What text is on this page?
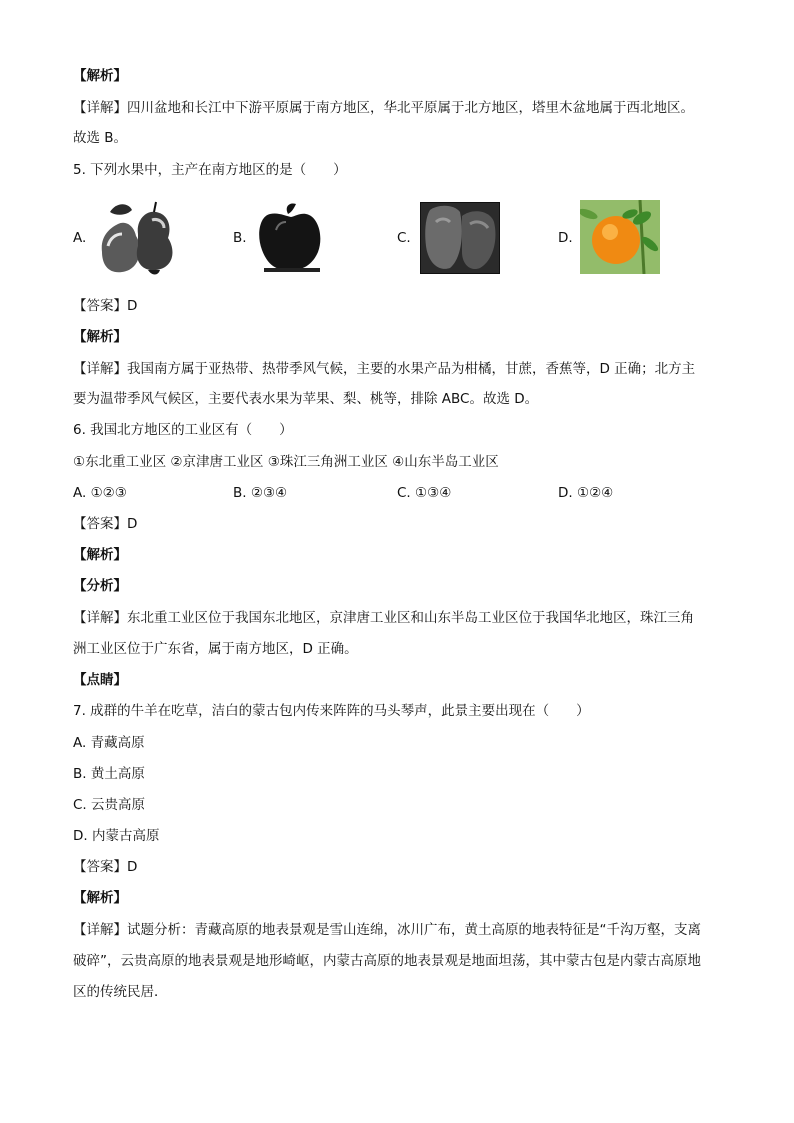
【解析】
【详解】四川盆地和长江中下游平原属于南方地区，华北平原属于北方地区，塔里木盆地属于西北地区。
故选 B。
5. 下列水果中，主产在南方地区的是（　　）
A.	B.	C.	D.
【答案】D
【解析】
【详解】我国南方属于亚热带、热带季风气候，主要的水果产品为柑橘，甘蔗，香蕉等，D 正确；北方主
要为温带季风气候区，主要代表水果为苹果、梨、桃等，排除 ABC。故选 D。
6. 我国北方地区的工业区有（　　）
①东北重工业区 ②京津唐工业区 ③珠江三角洲工业区 ④山东半岛工业区
A. ①②③	B. ②③④	C. ①③④	D. ①②④
【答案】D
【解析】
【分析】
【详解】东北重工业区位于我国东北地区，京津唐工业区和山东半岛工业区位于我国华北地区，珠江三角
洲工业区位于广东省，属于南方地区，D 正确。
【点睛】
7. 成群的牛羊在吃草，洁白的蒙古包内传来阵阵的马头琴声，此景主要出现在（　　）
A. 青藏高原
B. 黄土高原
C. 云贵高原
D. 内蒙古高原
【答案】D
【解析】
【详解】试题分析：青藏高原的地表景观是雪山连绵，冰川广布，黄土高原的地表特征是“千沟万壑，支离
破碎”，云贵高原的地表景观是地形崎岖，内蒙古高原的地表景观是地面坦荡，其中蒙古包是内蒙古高原地
区的传统民居．
